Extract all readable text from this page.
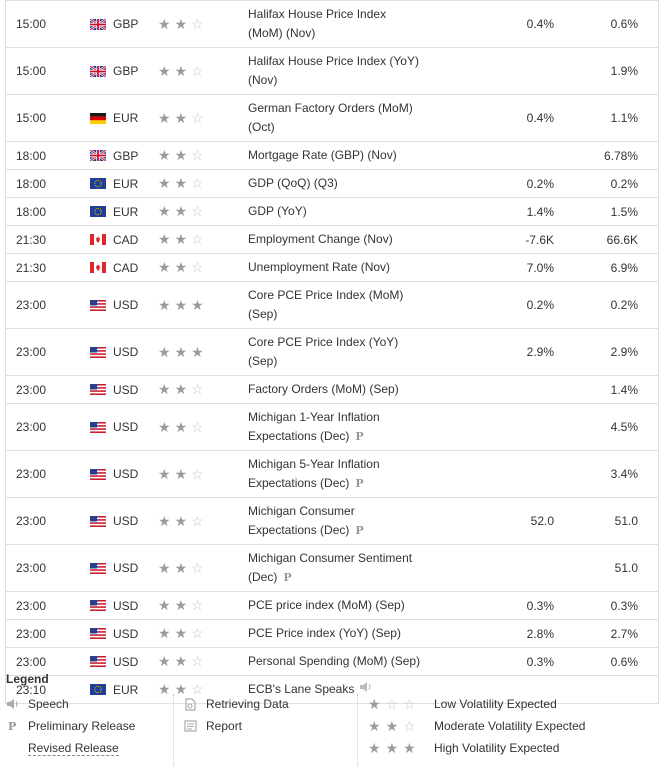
15:00	GBP	★ ★ ☆	Halifax House Price Index
(MoM) (Nov)	0.4%	0.6%	
15:00	GBP	★ ★ ☆	Halifax House Price Index (YoY)
(Nov)		1.9%	
15:00	EUR	★ ★ ☆	German Factory Orders (MoM)
(Oct)	0.4%	1.1%	
18:00	GBP	★ ★ ☆	Mortgage Rate (GBP) (Nov)		6.78%	
18:00	EUR	★ ★ ☆	GDP (QoQ) (Q3)	0.2%	0.2%	
18:00	EUR	★ ★ ☆	GDP (YoY)	1.4%	1.5%	
21:30	CAD	★ ★ ☆	Employment Change (Nov)	-7.6K	66.6K	
21:30	CAD	★ ★ ☆	Unemployment Rate (Nov)	7.0%	6.9%	
23:00	USD	★ ★ ★	Core PCE Price Index (MoM)
(Sep)	0.2%	0.2%	
23:00	USD	★ ★ ★	Core PCE Price Index (YoY)
(Sep)	2.9%	2.9%	
23:00	USD	★ ★ ☆	Factory Orders (MoM) (Sep)		1.4%	
23:00	USD	★ ★ ☆	Michigan 1-Year Inflation
Expectations (Dec) P		4.5%	
23:00	USD	★ ★ ☆	Michigan 5-Year Inflation
Expectations (Dec) P		3.4%	
23:00	USD	★ ★ ☆	Michigan Consumer
Expectations (Dec) P	52.0	51.0	
23:00	USD	★ ★ ☆	Michigan Consumer Sentiment
(Dec) P		51.0	
23:00	USD	★ ★ ☆	PCE price index (MoM) (Sep)	0.3%	0.3%	
23:00	USD	★ ★ ☆	PCE Price index (YoY) (Sep)	2.8%	2.7%	
23:00	USD	★ ★ ☆	Personal Spending (MoM) (Sep)	0.3%	0.6%	
23:10	EUR	★ ★ ☆	ECB's Lane Speaks			
Legend
Speech
P Preliminary Release
Revised Release
Retrieving Data
Report
★ ☆ ☆	Low Volatility Expected
★ ★ ☆	Moderate Volatility Expected
★ ★ ★	High Volatility Expected
